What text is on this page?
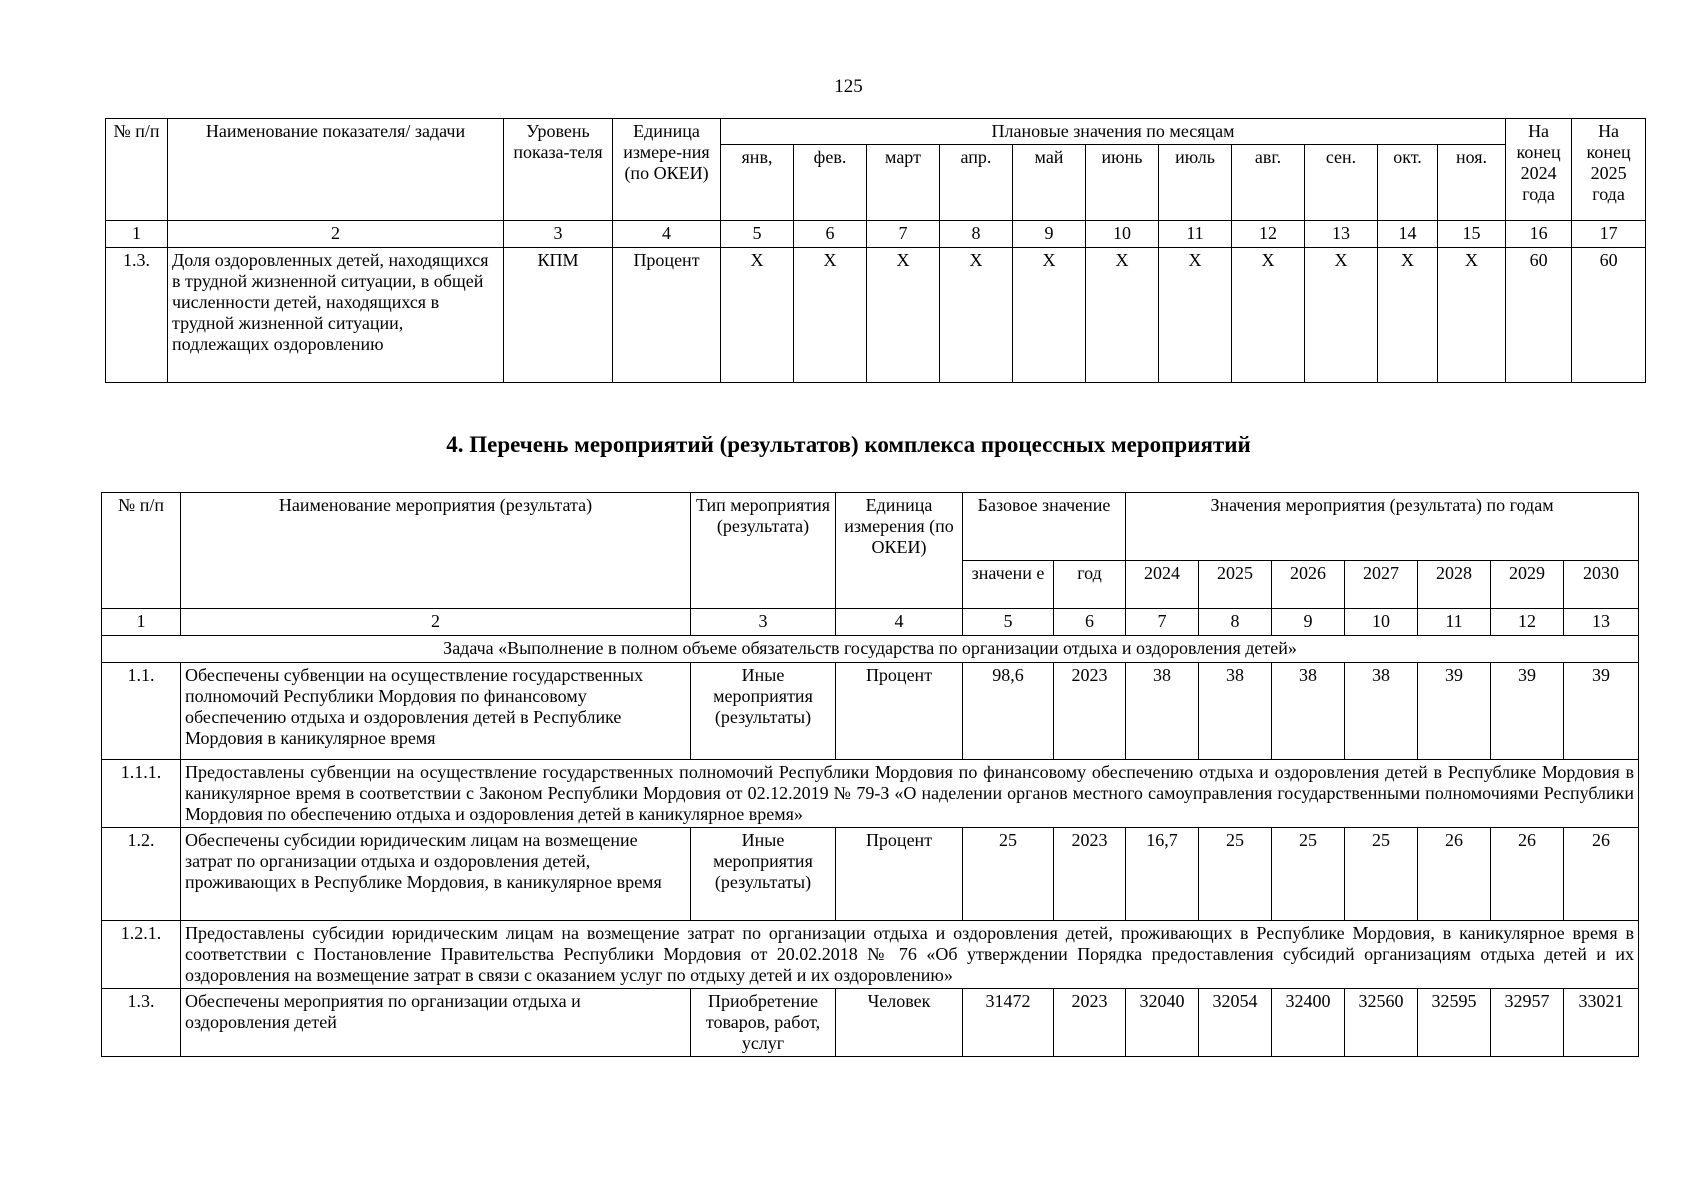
125
№ п/п	Наименование показателя/ задачи	Уровень показа-теля	Единица измере-ния (по ОКЕИ)	Плановые значения по месяцам											На конец 2024 года	На конец 2025 года
				янв,	фев.	март	апр.	май	июнь	июль	авг.	сен.	окт.	ноя.		
1	2	3	4	5	6	7	8	9	10	11	12	13	14	15	16	17
1.3.	Доля оздоровленных детей, находящихся в трудной жизненной ситуации, в общей численности детей, находящихся в трудной жизненной ситуации, подлежащих оздоровлению	КПМ	Процент	Х	Х	Х	Х	Х	Х	Х	Х	Х	Х	Х	60	60
4. Перечень мероприятий (результатов) комплекса процессных мероприятий
№ п/п	Наименование мероприятия (результата)	Тип мероприятия (результата)	Единица измерения (по ОКЕИ)	Базовое значение		Значения мероприятия (результата) по годам						
				значени е	год	2024	2025	2026	2027	2028	2029	2030
1	2	3	4	5	6	7	8	9	10	11	12	13
Задача «Выполнение в полном объеме обязательств государства по организации отдыха и оздоровления детей»												
1.1.	Обеспечены субвенции на осуществление государственных полномочий Республики Мордовия по финансовому обеспечению отдыха и оздоровления детей в Республике Мордовия в каникулярное время	Иные мероприятия (результаты)	Процент	98,6	2023	38	38	38	38	39	39	39
1.1.1.	Предоставлены субвенции на осуществление государственных полномочий Республики Мордовия по финансовому обеспечению отдыха и оздоровления детей в Республике Мордовия в каникулярное время в соответствии с Законом Республики Мордовия от 02.12.2019 № 79-З «О наделении органов местного самоуправления государственными полномочиями Республики Мордовия по обеспечению отдыха и оздоровления детей в каникулярное время»											
1.2.	Обеспечены субсидии юридическим лицам на возмещение затрат по организации отдыха и оздоровления детей, проживающих в Республике Мордовия, в каникулярное время	Иные мероприятия (результаты)	Процент	25	2023	16,7	25	25	25	26	26	26
1.2.1.	Предоставлены субсидии юридическим лицам на возмещение затрат по организации отдыха и оздоровления детей, проживающих в Республике Мордовия, в каникулярное время в соответствии с Постановление Правительства Республики Мордовия от 20.02.2018 № 76 «Об утверждении Порядка предоставления субсидий организациям отдыха детей и их оздоровления на возмещение затрат в связи с оказанием услуг по отдыху детей и их оздоровлению»											
1.3.	Обеспечены мероприятия по организации отдыха и оздоровления детей	Приобретение товаров, работ, услуг	Человек	31472	2023	32040	32054	32400	32560	32595	32957	33021
